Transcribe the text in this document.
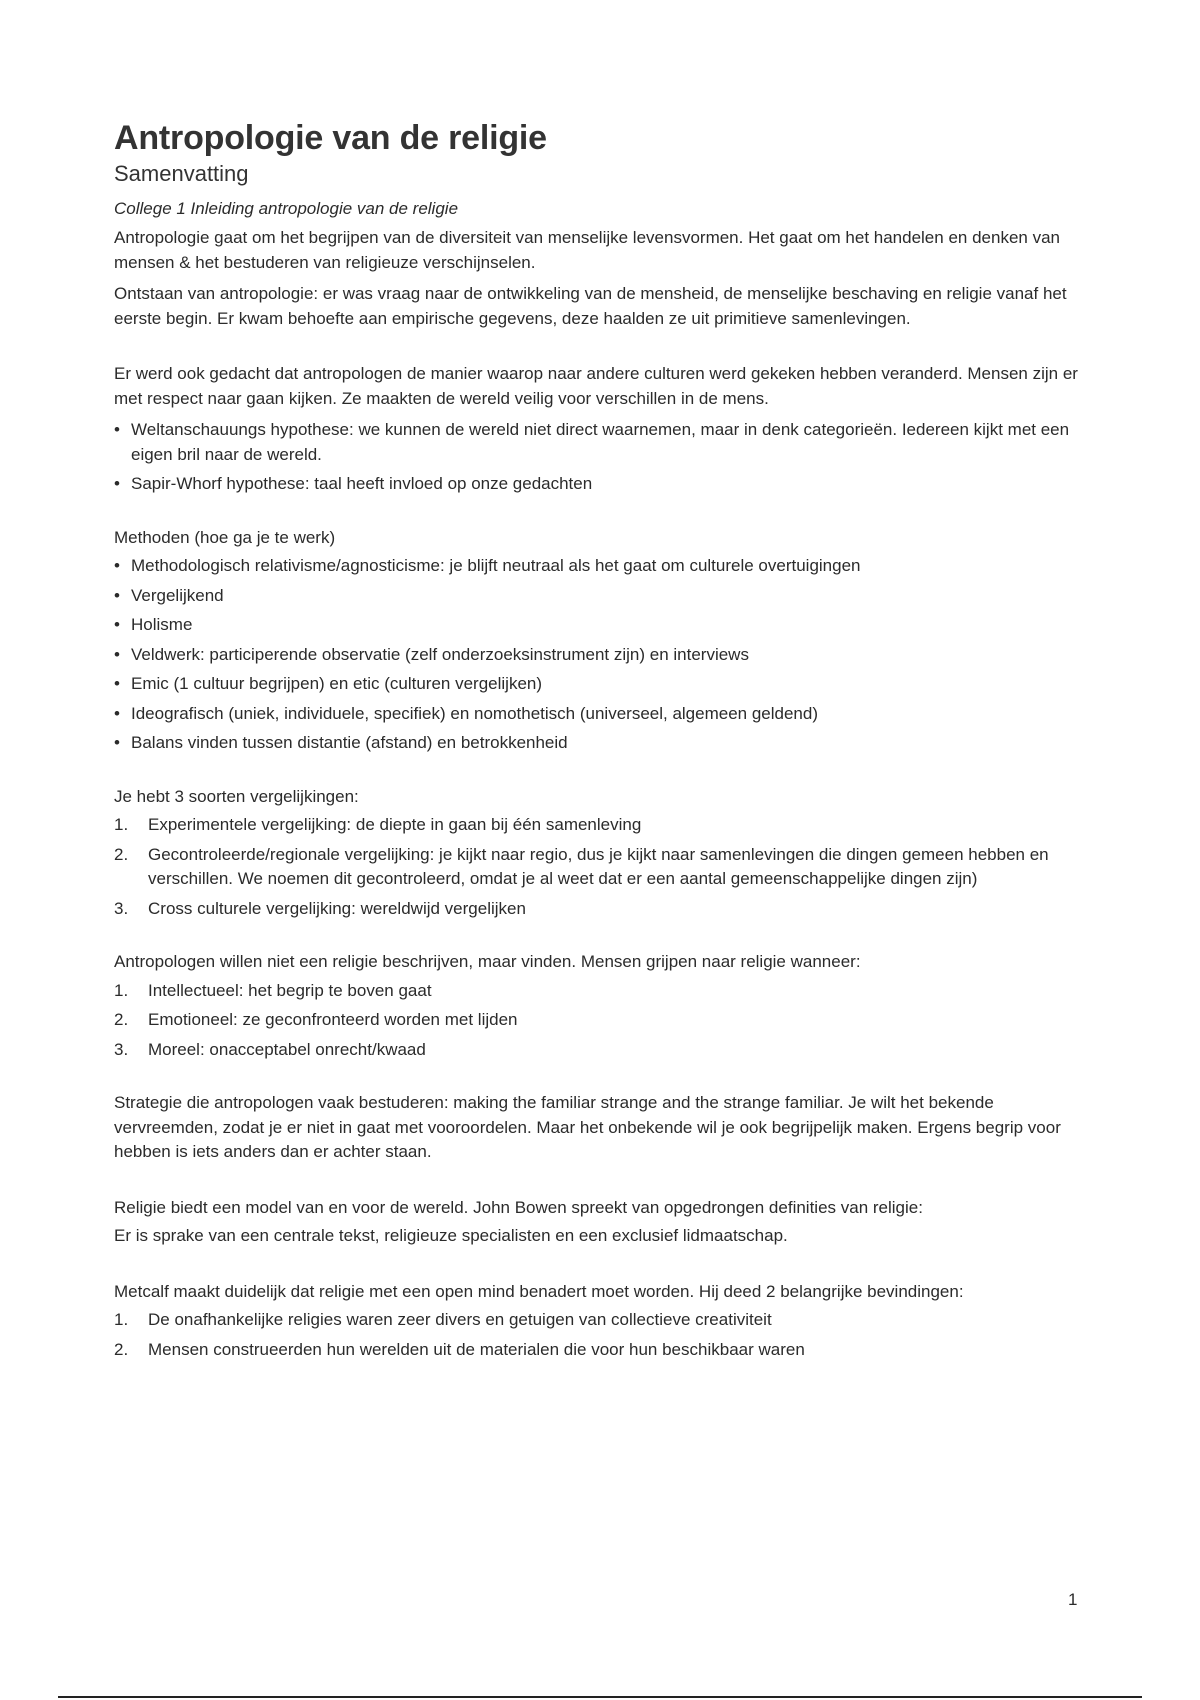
Antropologie van de religie
Samenvatting
College 1 Inleiding antropologie van de religie

Antropologie gaat om het begrijpen van de diversiteit van menselijke levensvormen. Het gaat om het handelen en denken van mensen & het bestuderen van religieuze verschijnselen.

Ontstaan van antropologie: er was vraag naar de ontwikkeling van de mensheid, de menselijke beschaving en religie vanaf het eerste begin. Er kwam behoefte aan empirische gegevens, deze haalden ze uit primitieve samenlevingen.

Er werd ook gedacht dat antropologen de manier waarop naar andere culturen werd gekeken hebben veranderd. Mensen zijn er met respect naar gaan kijken. Ze maakten de wereld veilig voor verschillen in de mens.

• Weltanschauungs hypothese: we kunnen de wereld niet direct waarnemen, maar in denk categorieën. Iedereen kijkt met een eigen bril naar de wereld.
• Sapir-Whorf hypothese: taal heeft invloed op onze gedachten

Methoden (hoe ga je te werk)

• Methodologisch relativisme/agnosticisme: je blijft neutraal als het gaat om culturele overtuigingen
• Vergelijkend
• Holisme
• Veldwerk: participerende observatie (zelf onderzoeksinstrument zijn) en interviews
• Emic (1 cultuur begrijpen) en etic (culturen vergelijken)
• Ideografisch (uniek, individuele, specifiek) en nomothetisch (universeel, algemeen geldend)
• Balans vinden tussen distantie (afstand) en betrokkenheid

Je hebt 3 soorten vergelijkingen:

1. Experimentele vergelijking: de diepte in gaan bij één samenleving
2. Gecontroleerde/regionale vergelijking: je kijkt naar regio, dus je kijkt naar samenlevingen die dingen gemeen hebben en verschillen. We noemen dit gecontroleerd, omdat je al weet dat er een aantal gemeenschappelijke dingen zijn)
3. Cross culturele vergelijking: wereldwijd vergelijken

Antropologen willen niet een religie beschrijven, maar vinden. Mensen grijpen naar religie wanneer:

1. Intellectueel: het begrip te boven gaat
2. Emotioneel: ze geconfronteerd worden met lijden
3. Moreel: onacceptabel onrecht/kwaad

Strategie die antropologen vaak bestuderen: making the familiar strange and the strange familiar. Je wilt het bekende vervreemden, zodat je er niet in gaat met vooroordelen. Maar het onbekende wil je ook begrijpelijk maken. Ergens begrip voor hebben is iets anders dan er achter staan.

Religie biedt een model van en voor de wereld. John Bowen spreekt van opgedrongen definities van religie:

Er is sprake van een centrale tekst, religieuze specialisten en een exclusief lidmaatschap.

Metcalf maakt duidelijk dat religie met een open mind benadert moet worden. Hij deed 2 belangrijke bevindingen:

1. De onafhankelijke religies waren zeer divers en getuigen van collectieve creativiteit
2. Mensen construeerden hun werelden uit de materialen die voor hun beschikbaar waren
1
